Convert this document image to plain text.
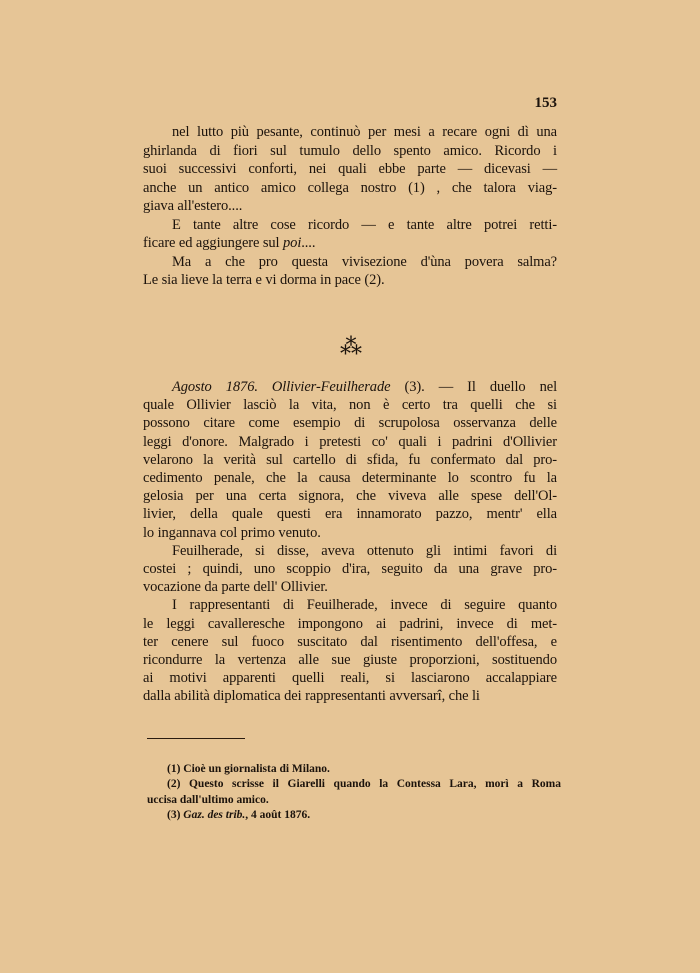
153
nel lutto più pesante, continuò per mesi a recare ogni dì una
ghirlanda di fiori sul tumulo dello spento amico. Ricordo i
suoi successivi conforti, nei quali ebbe parte — dicevasi —
anche un antico amico collega nostro (1) , che talora viag-
giava all'estero....
E tante altre cose ricordo — e tante altre potrei retti-
ficare ed aggiungere sul poi....
Ma a che pro questa vivisezione d'ùna povera salma?
Le sia lieve la terra e vi dorma in pace (2).
⁂
Agosto 1876. Ollivier-Feuilherade (3). — Il duello nel
quale Ollivier lasciò la vita, non è certo tra quelli che si
possono citare come esempio di scrupolosa osservanza delle
leggi d'onore. Malgrado i pretesti co' quali i padrini d'Ollivier
velarono la verità sul cartello di sfida, fu confermato dal pro-
cedimento penale, che la causa determinante lo scontro fu la
gelosia per una certa signora, che viveva alle spese dell'Ol-
livier, della quale questi era innamorato pazzo, mentr' ella
lo ingannava col primo venuto.
Feuilherade, si disse, aveva ottenuto gli intimi favori di
costei ; quindi, uno scoppio d'ira, seguito da una grave pro-
vocazione da parte dell' Ollivier.
I rappresentanti di Feuilherade, invece di seguire quanto
le leggi cavalleresche impongono ai padrini, invece di met-
ter cenere sul fuoco suscitato dal risentimento dell'offesa, e
ricondurre la vertenza alle sue giuste proporzioni, sostituendo
ai motivi apparenti quelli reali, si lasciarono accalappiare
dalla abilità diplomatica dei rappresentanti avversarî, che li
(1) Cioè un giornalista di Milano.
(2) Questo scrisse il Giarelli quando la Contessa Lara, morì a Roma
uccisa dall'ultimo amico.
(3) Gaz. des trib., 4 août 1876.
